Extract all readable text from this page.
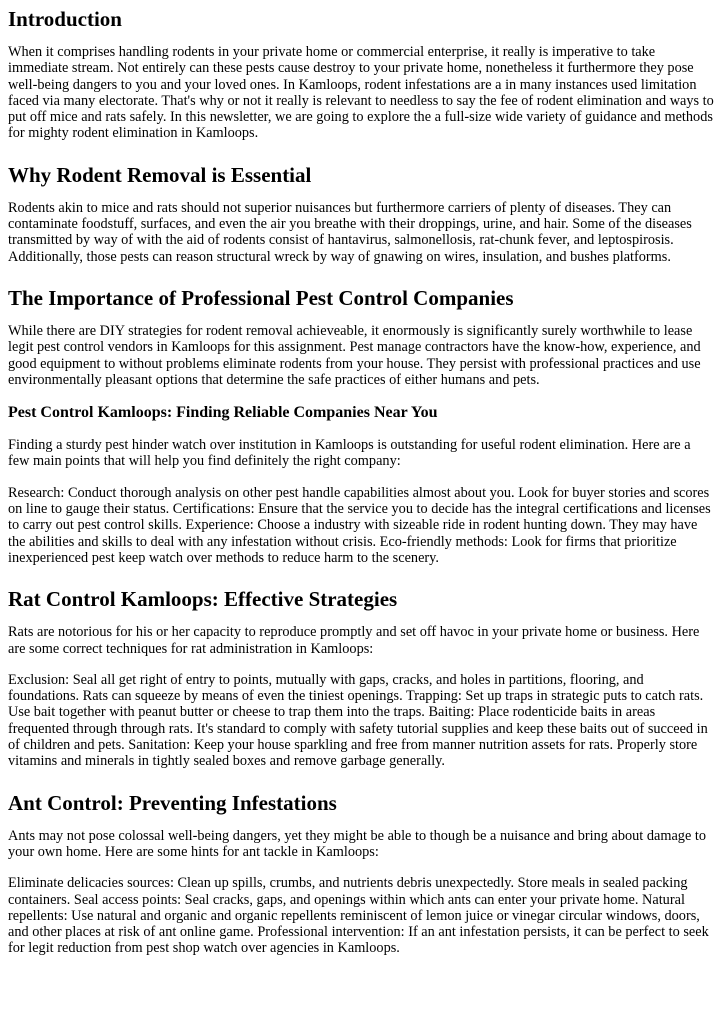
Introduction

When it comprises handling rodents in your private home or commercial enterprise, it really is imperative to take immediate stream. Not entirely can these pests cause destroy to your private home, nonetheless it furthermore they pose well-being dangers to you and your loved ones. In Kamloops, rodent infestations are a in many instances used limitation faced via many electorate. That's why or not it really is relevant to needless to say the fee of rodent elimination and ways to put off mice and rats safely. In this newsletter, we are going to explore the a full-size wide variety of guidance and methods for mighty rodent elimination in Kamloops.

Why Rodent Removal is Essential

Rodents akin to mice and rats should not superior nuisances but furthermore carriers of plenty of diseases. They can contaminate foodstuff, surfaces, and even the air you breathe with their droppings, urine, and hair. Some of the diseases transmitted by way of with the aid of rodents consist of hantavirus, salmonellosis, rat-chunk fever, and leptospirosis. Additionally, those pests can reason structural wreck by way of gnawing on wires, insulation, and bushes platforms.

The Importance of Professional Pest Control Companies

While there are DIY strategies for rodent removal achieveable, it enormously is significantly surely worthwhile to lease legit pest control vendors in Kamloops for this assignment. Pest manage contractors have the know-how, experience, and good equipment to without problems eliminate rodents from your house. They persist with professional practices and use environmentally pleasant options that determine the safe practices of either humans and pets.

Pest Control Kamloops: Finding Reliable Companies Near You

Finding a sturdy pest hinder watch over institution in Kamloops is outstanding for useful rodent elimination. Here are a few main points that will help you find definitely the right company:

Research: Conduct thorough analysis on other pest handle capabilities almost about you. Look for buyer stories and scores on line to gauge their status. Certifications: Ensure that the service you to decide has the integral certifications and licenses to carry out pest control skills. Experience: Choose a industry with sizeable ride in rodent hunting down. They may have the abilities and skills to deal with any infestation without crisis. Eco-friendly methods: Look for firms that prioritize inexperienced pest keep watch over methods to reduce harm to the scenery.

Rat Control Kamloops: Effective Strategies

Rats are notorious for his or her capacity to reproduce promptly and set off havoc in your private home or business. Here are some correct techniques for rat administration in Kamloops:

Exclusion: Seal all get right of entry to points, mutually with gaps, cracks, and holes in partitions, flooring, and foundations. Rats can squeeze by means of even the tiniest openings. Trapping: Set up traps in strategic puts to catch rats. Use bait together with peanut butter or cheese to trap them into the traps. Baiting: Place rodenticide baits in areas frequented through through rats. It's standard to comply with safety tutorial supplies and keep these baits out of succeed in of children and pets. Sanitation: Keep your house sparkling and free from manner nutrition assets for rats. Properly store vitamins and minerals in tightly sealed boxes and remove garbage generally.

Ant Control: Preventing Infestations

Ants may not pose colossal well-being dangers, yet they might be able to though be a nuisance and bring about damage to your own home. Here are some hints for ant tackle in Kamloops:

Eliminate delicacies sources: Clean up spills, crumbs, and nutrients debris unexpectedly. Store meals in sealed packing containers. Seal access points: Seal cracks, gaps, and openings within which ants can enter your private home. Natural repellents: Use natural and organic and organic repellents reminiscent of lemon juice or vinegar circular windows, doors, and other places at risk of ant online game. Professional intervention: If an ant infestation persists, it can be perfect to seek for legit reduction from pest shop watch over agencies in Kamloops.
